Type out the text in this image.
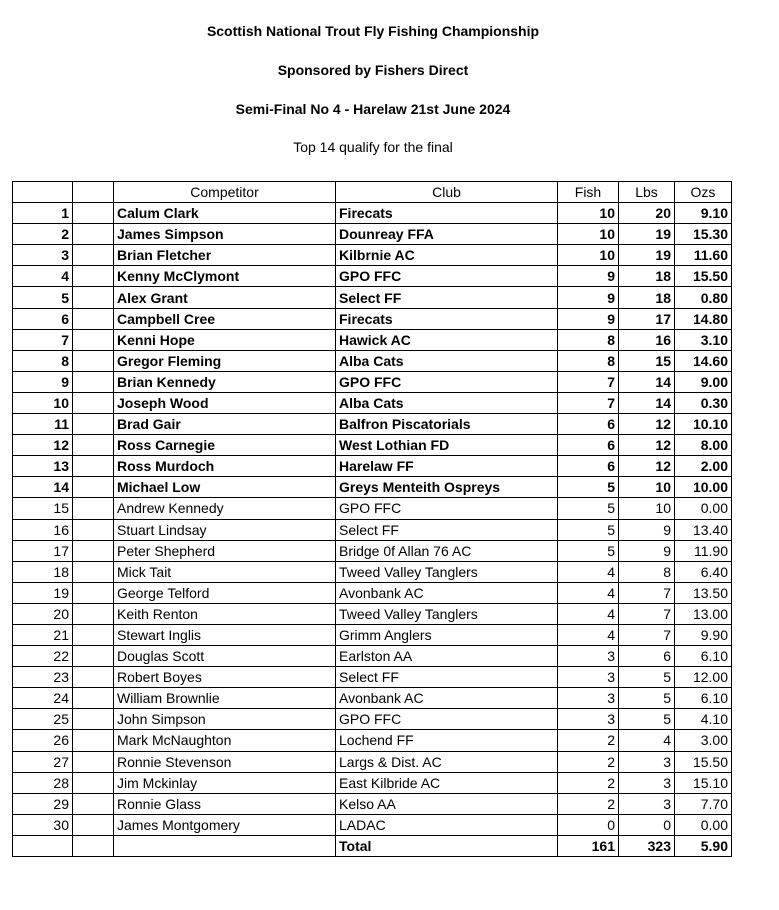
Scottish National Trout Fly Fishing Championship
Sponsored by Fishers Direct
Semi-Final No 4 - Harelaw 21st June 2024
Top 14 qualify for the final
		Competitor	Club	Fish	Lbs	Ozs
1		Calum Clark	Firecats	10	20	9.10
2		James Simpson	Dounreay FFA	10	19	15.30
3		Brian Fletcher	Kilbrnie AC	10	19	11.60
4		Kenny McClymont	GPO FFC	9	18	15.50
5		Alex Grant	Select FF	9	18	0.80
6		Campbell Cree	Firecats	9	17	14.80
7		Kenni Hope	Hawick AC	8	16	3.10
8		Gregor Fleming	Alba Cats	8	15	14.60
9		Brian Kennedy	GPO FFC	7	14	9.00
10		Joseph Wood	Alba Cats	7	14	0.30
11		Brad Gair	Balfron Piscatorials	6	12	10.10
12		Ross Carnegie	West Lothian FD	6	12	8.00
13		Ross Murdoch	Harelaw FF	6	12	2.00
14		Michael Low	Greys Menteith Ospreys	5	10	10.00
15		Andrew Kennedy	GPO FFC	5	10	0.00
16		Stuart Lindsay	Select FF	5	9	13.40
17		Peter Shepherd	Bridge 0f Allan 76 AC	5	9	11.90
18		Mick Tait	Tweed Valley Tanglers	4	8	6.40
19		George Telford	Avonbank AC	4	7	13.50
20		Keith Renton	Tweed Valley Tanglers	4	7	13.00
21		Stewart Inglis	Grimm Anglers	4	7	9.90
22		Douglas Scott	Earlston AA	3	6	6.10
23		Robert Boyes	Select FF	3	5	12.00
24		William Brownlie	Avonbank AC	3	5	6.10
25		John Simpson	GPO FFC	3	5	4.10
26		Mark McNaughton	Lochend FF	2	4	3.00
27		Ronnie Stevenson	Largs & Dist. AC	2	3	15.50
28		Jim Mckinlay	East Kilbride AC	2	3	15.10
29		Ronnie Glass	Kelso AA	2	3	7.70
30		James Montgomery	LADAC	0	0	0.00
			Total	161	323	5.90
